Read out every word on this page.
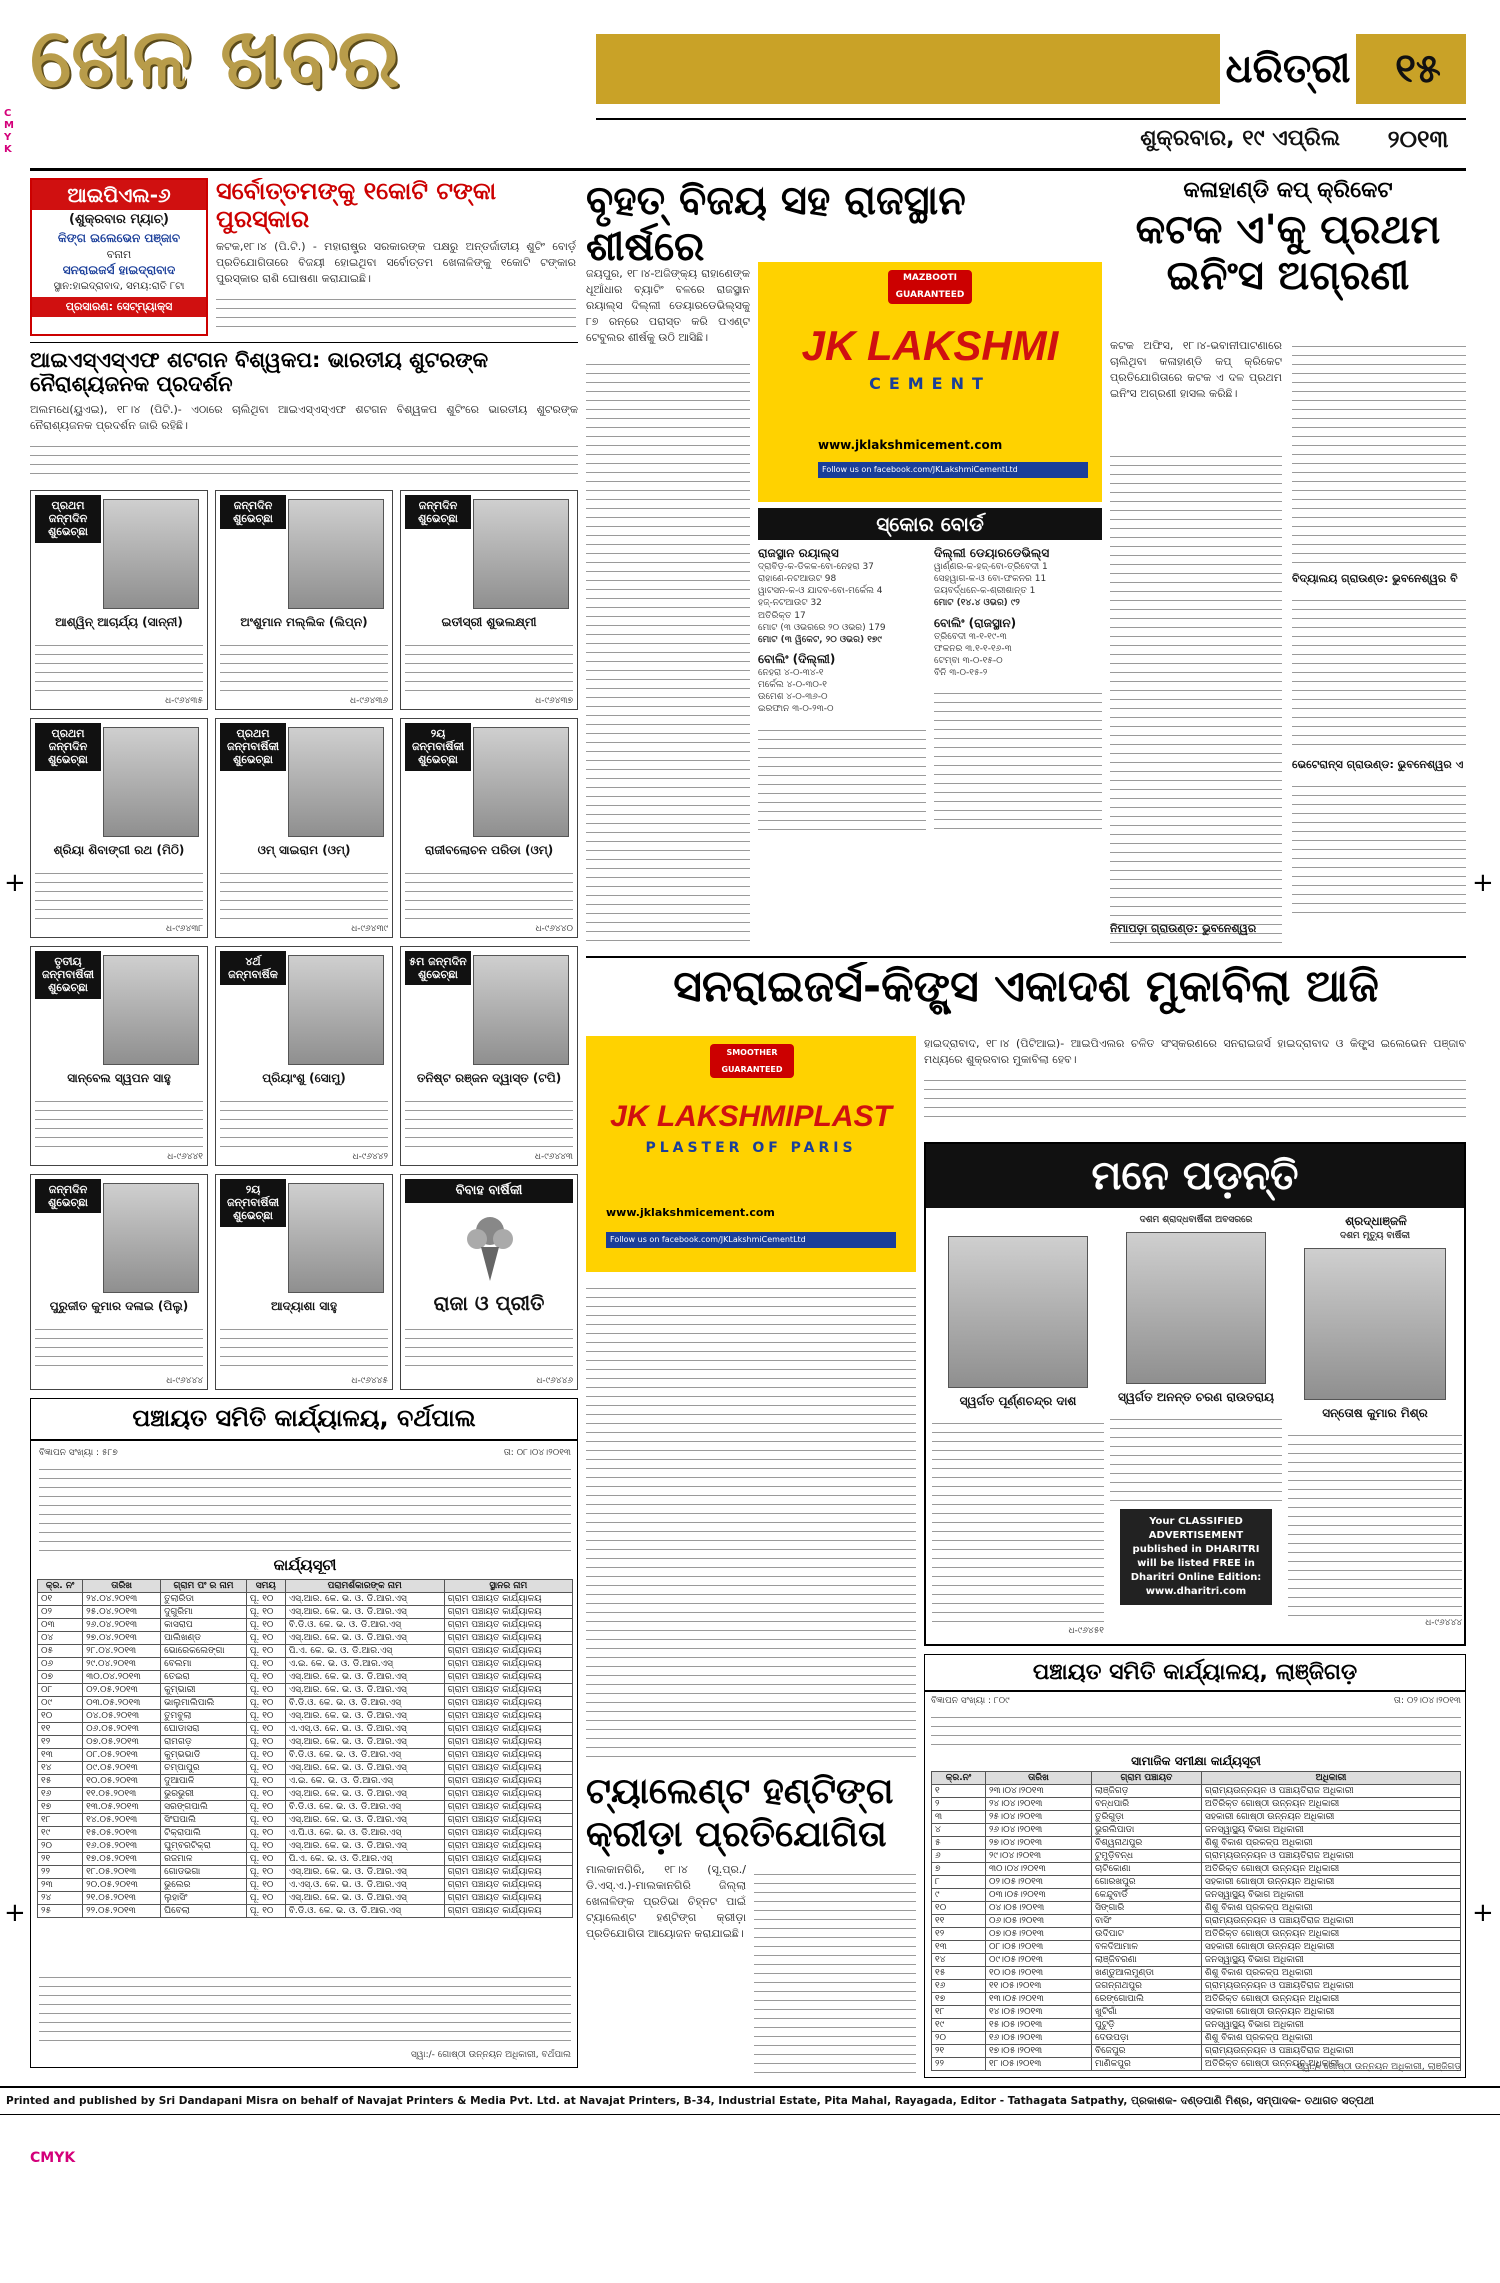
ଖେଳ ଖବର	ଧରିତ୍ରୀ	୧୫
ଶୁକ୍ରବାର, ୧୯ ଏପ୍ରିଲ	୨୦୧୩
CMYK
ଆଇପିଏଲ-୬
(ଶୁକ୍ରବାର ମ୍ୟାଚ୍)
କିଙ୍ଗ ଇଲେଭେନ ପଞ୍ଜାବ
ବନାମ
ସନରାଇଜର୍ସ ହାଇଦ୍ରାବାଦ
ସ୍ଥାନ:ହାଇଦ୍ରାବାଦ, ସମୟ:ରାତି ୮ଟା
ପ୍ରସାରଣ: ସେଟ୍‌ମ୍ୟାକ୍ସ
ସର୍ବୋତ୍ତମଙ୍କୁ ୧କୋଟି ଟଙ୍କା ପୁରସ୍କାର
କଟକ,୧୮।୪ (ପି.ଟି.) - ମହାରାଷ୍ଟ୍ର ସରକାରଙ୍କ ପକ୍ଷରୁ ଅନ୍ତର୍ଜାତୀୟ ଶୁଟିଂ ବୋର୍ଡ଼ ପ୍ରତିଯୋଗିତାରେ ବିଜୟୀ ହୋଇଥିବା ସର୍ବୋତ୍ତମ ଖେଳାଳିଙ୍କୁ ୧କୋଟି ଟଙ୍କାର ପୁରସ୍କାର ରାଶି ଘୋଷଣା କରାଯାଇଛି।
ଆଇଏସ୍‌ଏସ୍‌ଏଫ ଶଟଗନ ବିଶ୍ୱକପ: ଭାରତୀୟ ଶୁଟରଙ୍କ ନୈରାଶ୍ୟଜନକ ପ୍ରଦର୍ଶନ
ଅଲମଧେ(ୟୁଏଇ), ୧୮।୪ (ପିଟି.)- ଏଠାରେ ଚାଲିଥିବା ଆଇଏସ୍‌ଏସ୍‌ଏଫ ଶଟଗନ ବିଶ୍ୱକପ ଶୁଟିଂରେ ଭାରତୀୟ ଶୁଟରଙ୍କ ନୈରାଶ୍ୟଜନକ ପ୍ରଦର୍ଶନ ଜାରି ରହିଛି।
ପ୍ରଥମ ଜନ୍ମଦିନ ଶୁଭେଚ୍ଛା
ଆଶ୍ୱିନ୍ ଆଚାର୍ଯ୍ୟ (ସାନ୍ନୀ)
ଧ-୯୬୪୩୫
ଜନ୍ମଦିନ ଶୁଭେଚ୍ଛା
ଅଂଶୁମାନ ମଲ୍ଲିକ (ଲିପ୍‌ନ)
ଧ-୯୬୪୩୬
ଜନ୍ମଦିନ ଶୁଭେଚ୍ଛା
ଇତୀସ୍ରୀ ଶୁଭଲକ୍ଷ୍ମୀ
ଧ-୯୬୪୩୭
ପ୍ରଥମ ଜନ୍ମଦିନ ଶୁଭେଚ୍ଛା
ଶ୍ରିୟା ଶିବାଙ୍ଗୀ ରଥ (ମିଠି)
ଧ-୯୬୪୩୮
ପ୍ରଥମ ଜନ୍ମବାର୍ଷିକୀ ଶୁଭେଚ୍ଛା
ଓମ୍ ସାଇରାମ (ଓମ୍)
ଧ-୯୬୪୩୯
୨ୟ ଜନ୍ମବାର୍ଷିକୀ ଶୁଭେଚ୍ଛା
ରାଜୀବଲୋଚନ ପରିଡା (ଓମ୍)
ଧ-୯୬୪୪୦
ତୃତୀୟ ଜନ୍ମବାର୍ଷିକୀ ଶୁଭେଚ୍ଛା
ସାନ୍‌ବେଲ ସ୍ୱପନ ସାହୁ
ଧ-୯୬୪୪୧
୪ର୍ଥ ଜନ୍ମବାର୍ଷିକ
ପ୍ରିୟାଂଶୁ (ସୋମୁ)
ଧ-୯୬୪୪୨
୫ମ ଜନ୍ମଦିନ ଶୁଭେଚ୍ଛା
ତନିଷ୍ଟ ରଞ୍ଜନ ଦ୍ୱାସ୍ତ (ଟପି)
ଧ-୯୬୪୪୩
ଜନ୍ମଦିନ ଶୁଭେଚ୍ଛା
ପୁରୁଜୀତ କୁମାର ଦଳାଇ (ପିଲୁ)
ଧ-୯୬୪୪୪
୨ୟ ଜନ୍ମବାର୍ଷିକୀ ଶୁଭେଚ୍ଛା
ଆଦ୍ୟାଶା ସାହୁ
ଧ-୯୬୪୪୫
ବିବାହ ବାର୍ଷିକୀ
ରାଜା ଓ ପ୍ରୀତି
ଧ-୯୬୪୪୬
ପଞ୍ଚାୟତ ସମିତି କାର୍ଯ୍ୟାଳୟ, ବର୍ଥପାଲ
ବିଜ୍ଞାପନ ସଂଖ୍ୟା : ୫୮୭	ତା: ୦୮।୦୪।୨୦୧୩
କାର୍ଯ୍ୟସୂଚୀ
କ୍ର. ନଂ	ତାରିଖ	ଗ୍ରାମ ପଂ ର ନାମ	ସମୟ	ପରାମର୍ଶକାରଙ୍କ ନାମ	ସ୍ଥାନର ନାମ
୦୧	୨୪.୦୪.୨୦୧୩	ତୁଲାରିଡା	ପୂ. ୧୦	ଏସ୍.ଆର. କେ. ଭ. ଓ. ଡି.ଆର.ଏସ୍	ଗ୍ରାମ ପଞ୍ଚାୟତ କାର୍ଯ୍ୟାଳୟ
୦୨	୨୫.୦୪.୨୦୧୩	ଦୁଗୁରିମା	ପୂ. ୧୦	ଏସ୍.ଆର. କେ. ଭ. ଓ. ଡି.ଆର.ଏସ୍	ଗ୍ରାମ ପଞ୍ଚାୟତ କାର୍ଯ୍ୟାଳୟ
୦୩	୨୬.୦୪.୨୦୧୩	କାସରାପ	ପୂ. ୧୦	ବି.ଡି.ଓ. କେ. ଭ. ଓ. ଡି.ଆର.ଏସ୍	ଗ୍ରାମ ପଞ୍ଚାୟତ କାର୍ଯ୍ୟାଳୟ
୦୪	୨୭.୦୪.୨୦୧୩	ପାଲିଖଣ୍ଡ	ପୂ. ୧୦	ଏସ୍.ଆର. କେ. ଭ. ଓ. ଡି.ଆର.ଏସ୍	ଗ୍ରାମ ପଞ୍ଚାୟତ କାର୍ଯ୍ୟାଳୟ
୦୫	୨୮.୦୪.୨୦୧୩	ଭୋରେକଲେଙ୍ଗା	ପୂ. ୧୦	ପି.ଏ. କେ. ଭ. ଓ. ଡି.ଆର.ଏସ୍	ଗ୍ରାମ ପଞ୍ଚାୟତ କାର୍ଯ୍ୟାଳୟ
୦୬	୨୯.୦୪.୨୦୧୩	ବେଲମା	ପୂ. ୧୦	ଏ.ଇ. କେ. ଭ. ଓ. ଡି.ଆର.ଏସ୍	ଗ୍ରାମ ପଞ୍ଚାୟତ କାର୍ଯ୍ୟାଳୟ
୦୭	୩୦.୦୪.୨୦୧୩	ତେଇରା	ପୂ. ୧୦	ଏସ୍.ଆର. କେ. ଭ. ଓ. ଡି.ଆର.ଏସ୍	ଗ୍ରାମ ପଞ୍ଚାୟତ କାର୍ଯ୍ୟାଳୟ
୦୮	୦୨.୦୫.୨୦୧୩	କୁମ୍ଭାରୀ	ପୂ. ୧୦	ଏସ୍.ଆର. କେ. ଭ. ଓ. ଡି.ଆର.ଏସ୍	ଗ୍ରାମ ପଞ୍ଚାୟତ କାର୍ଯ୍ୟାଳୟ
୦୯	୦୩.୦୫.୨୦୧୩	ଭାଲୁମାଲିପାଲି	ପୂ. ୧୦	ବି.ଡି.ଓ. କେ. ଭ. ଓ. ଡି.ଆର.ଏସ୍	ଗ୍ରାମ ପଞ୍ଚାୟତ କାର୍ଯ୍ୟାଳୟ
୧୦	୦୪.୦୫.୨୦୧୩	ତୁମବୁଲା	ପୂ. ୧୦	ଏସ୍.ଆର. କେ. ଭ. ଓ. ଡି.ଆର.ଏସ୍	ଗ୍ରାମ ପଞ୍ଚାୟତ କାର୍ଯ୍ୟାଳୟ
୧୧	୦୬.୦୫.୨୦୧୩	ଘୋଡାସରା	ପୂ. ୧୦	ଏ.ଏସ୍.ଓ. କେ. ଭ. ଓ. ଡି.ଆର.ଏସ୍	ଗ୍ରାମ ପଞ୍ଚାୟତ କାର୍ଯ୍ୟାଳୟ
୧୨	୦୭.୦୫.୨୦୧୩	ରାମଗଡ଼	ପୂ. ୧୦	ଏସ୍.ଆର. କେ. ଭ. ଓ. ଡି.ଆର.ଏସ୍	ଗ୍ରାମ ପଞ୍ଚାୟତ କାର୍ଯ୍ୟାଳୟ
୧୩	୦୮.୦୫.୨୦୧୩	କୁମ୍ଭଭାଡି	ପୂ. ୧୦	ବି.ଡି.ଓ. କେ. ଭ. ଓ. ଡି.ଆର.ଏସ୍	ଗ୍ରାମ ପଞ୍ଚାୟତ କାର୍ଯ୍ୟାଳୟ
୧୪	୦୯.୦୫.୨୦୧୩	ଚମ୍ପାପୁର	ପୂ. ୧୦	ଏସ୍.ଆର. କେ. ଭ. ଓ. ଡି.ଆର.ଏସ୍	ଗ୍ରାମ ପଞ୍ଚାୟତ କାର୍ଯ୍ୟାଳୟ
୧୫	୧୦.୦୫.୨୦୧୩	ଦୁଆପାଳି	ପୂ. ୧୦	ଏ.ଇ. କେ. ଭ. ଓ. ଡି.ଆର.ଏସ୍	ଗ୍ରାମ ପଞ୍ଚାୟତ କାର୍ଯ୍ୟାଳୟ
୧୬	୧୧.୦୫.୨୦୧୩	ଭୁରଭୁରୀ	ପୂ. ୧୦	ଏସ୍.ଆର. କେ. ଭ. ଓ. ଡି.ଆର.ଏସ୍	ଗ୍ରାମ ପଞ୍ଚାୟତ କାର୍ଯ୍ୟାଳୟ
୧୭	୧୩.୦୫.୨୦୧୩	ସରଙ୍ଗପାଲି	ପୂ. ୧୦	ବି.ଡି.ଓ. କେ. ଭ. ଓ. ଡି.ଆର.ଏସ୍	ଗ୍ରାମ ପଞ୍ଚାୟତ କାର୍ଯ୍ୟାଳୟ
୧୮	୧୪.୦୫.୨୦୧୩	ସିଂଘପାଲି	ପୂ. ୧୦	ଏସ୍.ଆର. କେ. ଭ. ଓ. ଡି.ଆର.ଏସ୍	ଗ୍ରାମ ପଞ୍ଚାୟତ କାର୍ଯ୍ୟାଳୟ
୧୯	୧୫.୦୫.୨୦୧୩	ଟିକ୍‌ରାପାଲି	ପୂ. ୧୦	ଏ.ପି.ଓ. କେ. ଭ. ଓ. ଡି.ଆର.ଏସ୍	ଗ୍ରାମ ପଞ୍ଚାୟତ କାର୍ଯ୍ୟାଳୟ
୨୦	୧୬.୦୫.୨୦୧୩	ଘୁମ୍ବରଟିକ୍ରା	ପୂ. ୧୦	ଏସ୍.ଆର. କେ. ଭ. ଓ. ଡି.ଆର.ଏସ୍	ଗ୍ରାମ ପଞ୍ଚାୟତ କାର୍ଯ୍ୟାଳୟ
୨୧	୧୭.୦୫.୨୦୧୩	ରଜମାଳ	ପୂ. ୧୦	ପି.ଏ. କେ. ଭ. ଓ. ଡି.ଆର.ଏସ୍	ଗ୍ରାମ ପଞ୍ଚାୟତ କାର୍ଯ୍ୟାଳୟ
୨୨	୧୮.୦୫.୨୦୧୩	ଗୋଡଭଗା	ପୂ. ୧୦	ଏସ୍.ଆର. କେ. ଭ. ଓ. ଡି.ଆର.ଏସ୍	ଗ୍ରାମ ପଞ୍ଚାୟତ କାର୍ଯ୍ୟାଳୟ
୨୩	୨୦.୦୫.୨୦୧୩	ଭୁଲେର	ପୂ. ୧୦	ଏ.ଏସ୍.ଓ. କେ. ଭ. ଓ. ଡି.ଆର.ଏସ୍	ଗ୍ରାମ ପଞ୍ଚାୟତ କାର୍ଯ୍ୟାଳୟ
୨୪	୨୧.୦୫.୨୦୧୩	ଲୁହାସିଂ	ପୂ. ୧୦	ଏସ୍.ଆର. କେ. ଭ. ଓ. ଡି.ଆର.ଏସ୍	ଗ୍ରାମ ପଞ୍ଚାୟତ କାର୍ଯ୍ୟାଳୟ
୨୫	୨୨.୦୫.୨୦୧୩	ଘିବେଲା	ପୂ. ୧୦	ବି.ଡି.ଓ. କେ. ଭ. ଓ. ଡି.ଆର.ଏସ୍	ଗ୍ରାମ ପଞ୍ଚାୟତ କାର୍ଯ୍ୟାଳୟ
ସ୍ୱା:/- ଗୋଷ୍ଠୀ ଉନ୍ନୟନ ଅଧିକାରୀ, ବର୍ଥପାଲ
ବୃହତ୍ ବିଜୟ ସହ ରାଜସ୍ଥାନ ଶୀର୍ଷରେ
ଜୟପୁର, ୧୮।୪-ଅଜିଙ୍କ୍ୟ ରାହାଣେଙ୍କ ଧୂଆଁଧାର ବ୍ୟାଟିଂ ବଳରେ ରାଜସ୍ଥାନ ରୟାଲ୍‌ସ ଦିଲ୍ଲୀ ଡେୟାରଡେଭିଲ୍‌ସକୁ ୮୭ ରନ୍‌ରେ ପରାସ୍ତ କରି ପଏଣ୍ଟ ଟେବୁଲର ଶୀର୍ଷକୁ ଉଠି ଆସିଛି।
MAZBOOTI GUARANTEED
JK LAKSHMI
CEMENT
www.jklakshmicement.com
Follow us on facebook.com/JKLakshmiCementLtd
ସ୍କୋର ବୋର୍ଡ
ରାଜସ୍ଥାନ ରୟାଲ୍‌ସ
ଦ୍ରାବିଡ଼-କ-ଡିକକ-ବୋ-ନେହରା 37
ରାହାଣେ-ନଟଆଉଟ 98
ୱାଟସନ-କ-ଓ ଯାଦବ-ବୋ-ମର୍କେଲ 4
ହଜ୍-ନଟଆଉଟ 32
ଅତିରିକ୍ତ 17
ମୋଟ (୩ ଓଭରରେ ୨୦ ଓଭର) 179
ମୋଟ (୩ ୱିକେଟ, ୨୦ ଓଭର) ୧୭୯
ବୋଲିଂ (ଦିଲ୍ଲୀ)
ନେହରା ୪-୦-୩୪-୧
ମର୍କେଲ ୪-୦-୩୦-୧
ଉମେଶ ୪-୦-୩୬-୦
ଇରଫାନ ୩-୦-୨୩-୦
ଦିଲ୍ଲୀ ଡେୟାରଡେଭିଲ୍‌ସ
ୱାର୍ଣ୍ଣର-କ-ହଜ୍-ବୋ-ତ୍ରିବେଦୀ 1
ସେହୱାଗ-କ-ଓ ବୋ-ଫକନର 11
ଜୟବର୍ଦ୍ଧନେ-କ-ଶ୍ରୀଶାନ୍ତ 1
ମୋଟ (୧୪.୪ ଓଭର) ୯୨
ବୋଲିଂ (ରାଜସ୍ଥାନ)
ତ୍ରିବେଦୀ ୩-୧-୧୯-୩
ଫକନର ୩.୧-୧-୧୬-୩
ଟେମ୍ବା ୩-୦-୧୫-୦
ବିନି ୩-୦-୧୫-୨
କଳାହାଣ୍ଡି କପ୍ କ୍ରିକେଟ
କଟକ ଏ'କୁ ପ୍ରଥମ ଇନିଂସ ଅଗ୍ରଣୀ
କଟକ ଅଫିସ, ୧୮।୪-ଭବାନୀପାଟଣାରେ ଚାଲିଥିବା କଳାହାଣ୍ଡି କପ୍ କ୍ରିକେଟ ପ୍ରତିଯୋଗିତାରେ କଟକ ଏ ଦଳ ପ୍ରଥମ ଇନିଂସ ଅଗ୍ରଣୀ ହାସଲ କରିଛି।
ବିଦ୍ୟାଲୟ ଗ୍ରାଉଣ୍ଡ: ଭୁବନେଶ୍ୱର ବି
ଭେଟେରାନ୍‌ସ ଗ୍ରାଉଣ୍ଡ: ଭୁବନେଶ୍ୱର ଏ
ନିମାପଡ଼ା ଗ୍ରାଉଣ୍ଡ: ଭୁବନେଶ୍ୱର
ସନରାଇଜର୍ସ-କିଙ୍ଗ୍ସ ଏକାଦଶ ମୁକାବିଲା ଆଜି
SMOOTHER GUARANTEED
JK LAKSHMIPLAST
PLASTER OF PARIS
www.jklakshmicement.com
Follow us on facebook.com/JKLakshmiCementLtd
ହାଇଦ୍ରାବାଦ, ୧୮।୪ (ପିଟିଆଇ)- ଆଇପିଏଲର ଚଳିତ ସଂସ୍କରଣରେ ସନରାଇଜର୍ସ ହାଇଦ୍ରାବାଦ ଓ କିଙ୍ଗ୍ସ ଇଲେଭେନ ପଞ୍ଜାବ ମଧ୍ୟରେ ଶୁକ୍ରବାର ମୁକାବିଲା ହେବ।
ମନେ ପଡ଼ନ୍ତି
ଶ୍ରଦ୍ଧାଞ୍ଜଳି
ସ୍ୱର୍ଗତ ପୂର୍ଣ୍ଣଚନ୍ଦ୍ର ଦାଶ
ଧ-୯୬୪୫୧
ଦଶମ ଶ୍ରାଦ୍ଧବାର୍ଷିକୀ ଅବସରରେ
ସ୍ୱର୍ଗତ ଅନନ୍ତ ଚରଣ ରାଉତରାୟ
Your CLASSIFIED ADVERTISEMENT published in DHARITRI will be listed FREE in Dharitri Online Edition: www.dharitri.com
ଦଶମ ମୃତ୍ୟୁ ବାର୍ଷିକୀ
ସନ୍ତୋଷ କୁମାର ମିଶ୍ର
ଧ-୯୬୪୪୪
ଟ୍ୟାଲେଣ୍ଟ ହଣ୍ଟିଙ୍ଗ କ୍ରୀଡ଼ା ପ୍ରତିଯୋଗିତା
ମାଲକାନଗିରି, ୧୮।୪ (ସୂ.ପ୍ର./ ଡି.ଏସ୍.ଏ.)-ମାଲକାନଗିରି ଜିଲ୍ଲା ଖେଳାଳିଙ୍କ ପ୍ରତିଭା ଚିହ୍ନଟ ପାଇଁ ଟ୍ୟାଲେଣ୍ଟ ହଣ୍ଟିଙ୍ଗ କ୍ରୀଡ଼ା ପ୍ରତିଯୋଗିତା ଆୟୋଜନ କରାଯାଇଛି।
ପଞ୍ଚାୟତ ସମିତି କାର୍ଯ୍ୟାଳୟ, ଲାଞ୍ଜିଗଡ଼
ବିଜ୍ଞାପନ ସଂଖ୍ୟା : ୮୦୯	ତା: ୦୨।୦୪।୨୦୧୩
ସାମାଜିକ ସମୀକ୍ଷା କାର୍ଯ୍ୟସୂଚୀ
କ୍ର.ନଂ	ତାରିଖ	ଗ୍ରାମ ପଞ୍ଚାୟତ	ଅଧିକାରୀ
୧	୨୩।୦୪।୨୦୧୩	ଲାଞ୍ଜିଗଡ଼	ଗ୍ରାମ୍ୟଉନ୍ନୟନ ଓ ପଞ୍ଚାୟତିରାଜ ଅଧିକାରୀ
୨	୨୪।୦୪।୨୦୧୩	ବନ୍ଧପାରି	ଅତିରିକ୍ତ ଗୋଷ୍ଠୀ ଉନ୍ନୟନ ଅଧିକାରୀ
୩	୨୫।୦୪।୨୦୧୩	ତୁରିଗୁଡ଼ା	ସହକାରୀ ଗୋଷ୍ଠୀ ଉନ୍ନୟନ ଅଧିକାରୀ
୪	୨୬।୦୪।୨୦୧୩	ଭୁରଲିପାଡା	ଜନସ୍ୱାସ୍ଥ୍ୟ ବିଭାଗ ଅଧିକାରୀ
୫	୨୭।୦୪।୨୦୧୩	ବିଶ୍ୱନାଥପୁର	ଶିଶୁ ବିକାଶ ପ୍ରକଳ୍ପ ଅଧିକାରୀ
୬	୨୯।୦୪।୨୦୧୩	ଟୁମୁଡ଼ିବନ୍ଧ	ଗ୍ରାମ୍ୟଉନ୍ନୟନ ଓ ପଞ୍ଚାୟତିରାଜ ଅଧିକାରୀ
୭	୩୦।୦୪।୨୦୧୩	ଚାଟିକୋଣା	ଅତିରିକ୍ତ ଗୋଷ୍ଠୀ ଉନ୍ନୟନ ଅଧିକାରୀ
୮	୦୨।୦୫।୨୦୧୩	ଗୋରଖପୁର	ସହକାରୀ ଗୋଷ୍ଠୀ ଉନ୍ନୟନ ଅଧିକାରୀ
୯	୦୩।୦୫।୨୦୧୩	କେନ୍ଦୁବାର୍ଡି	ଜନସ୍ୱାସ୍ଥ୍ୟ ବିଭାଗ ଅଧିକାରୀ
୧୦	୦୪।୦୫।୨୦୧୩	ସିଙ୍ଗାରି	ଶିଶୁ ବିକାଶ ପ୍ରକଳ୍ପ ଅଧିକାରୀ
୧୧	୦୬।୦୫।୨୦୧୩	ବାସିଂ	ଗ୍ରାମ୍ୟଉନ୍ନୟନ ଓ ପଞ୍ଚାୟତିରାଜ ଅଧିକାରୀ
୧୨	୦୭।୦୫।୨୦୧୩	ଉଦିପାଟ	ଅତିରିକ୍ତ ଗୋଷ୍ଠୀ ଉନ୍ନୟନ ଅଧିକାରୀ
୧୩	୦୮।୦୫।୨୦୧୩	ବଳଦିଆମାଳ	ସହକାରୀ ଗୋଷ୍ଠୀ ଉନ୍ନୟନ ଅଧିକାରୀ
୧୪	୦୯।୦୫।୨୦୧୩	ଲାଞ୍ଜିବରଣା	ଜନସ୍ୱାସ୍ଥ୍ୟ ବିଭାଗ ଅଧିକାରୀ
୧୫	୧୦।୦୫।୨୦୧୩	ଖଣ୍ଡୁଆଲମୁଣ୍ଡା	ଶିଶୁ ବିକାଶ ପ୍ରକଳ୍ପ ଅଧିକାରୀ
୧୬	୧୧।୦୫।୨୦୧୩	ଜଗନ୍ନାଥପୁର	ଗ୍ରାମ୍ୟଉନ୍ନୟନ ଓ ପଞ୍ଚାୟତିରାଜ ଅଧିକାରୀ
୧୭	୧୩।୦୫।୨୦୧୩	ରେଙ୍ଗୋପାଲି	ଅତିରିକ୍ତ ଗୋଷ୍ଠୀ ଉନ୍ନୟନ ଅଧିକାରୀ
୧୮	୧୪।୦୫।୨୦୧୩	ଖୁଟିଗାଁ	ସହକାରୀ ଗୋଷ୍ଠୀ ଉନ୍ନୟନ ଅଧିକାରୀ
୧୯	୧୫।୦୫।୨୦୧୩	ପୁଟୁଡ଼ି	ଜନସ୍ୱାସ୍ଥ୍ୟ ବିଭାଗ ଅଧିକାରୀ
୨୦	୧୬।୦୫।୨୦୧୩	ଦେଉପଡ଼ା	ଶିଶୁ ବିକାଶ ପ୍ରକଳ୍ପ ଅଧିକାରୀ
୨୧	୧୭।୦୫।୨୦୧୩	ବିଜେପୁର	ଗ୍ରାମ୍ୟଉନ୍ନୟନ ଓ ପଞ୍ଚାୟତିରାଜ ଅଧିକାରୀ
୨୨	୧୮।୦୫।୨୦୧୩	ମାଣିକପୁର	ଅତିରିକ୍ତ ଗୋଷ୍ଠୀ ଉନ୍ନୟନ ଅଧିକାରୀ
ସ୍ୱା:/- ଗୋଷ୍ଠୀ ଉନ୍ନୟନ ଅଧିକାରୀ, ଲାଞ୍ଜିଗଡ଼
Printed and published by Sri Dandapani Misra on behalf of Navajat Printers & Media Pvt. Ltd. at Navajat Printers, B-34, Industrial Estate, Pita Mahal, Rayagada, Editor - Tathagata Satpathy, ପ୍ରକାଶକ- ଦଣ୍ଡପାଣି ମିଶ୍ର, ସମ୍ପାଦକ- ତଥାଗତ ସତ୍ପଥୀ
CMYK
+	+
+	+
